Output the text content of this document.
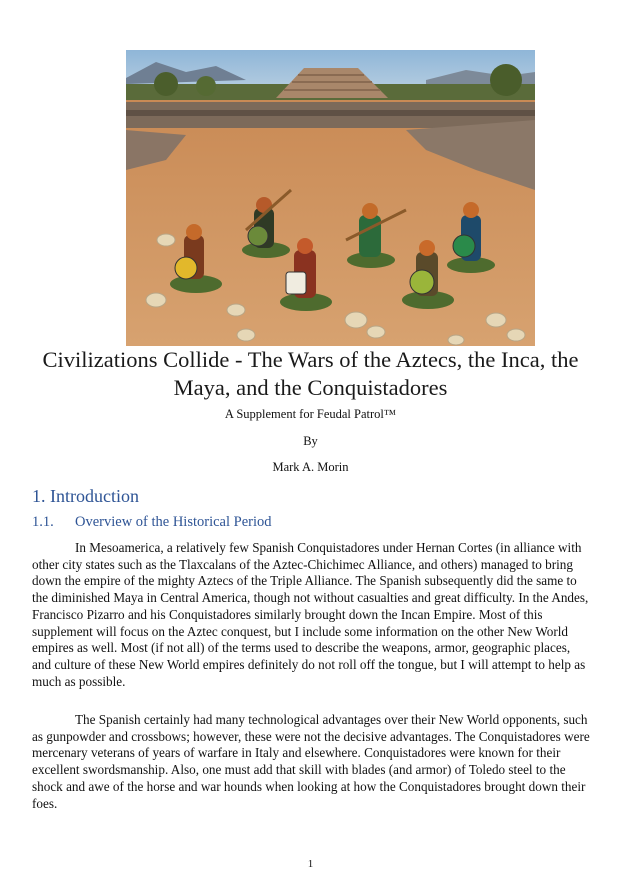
Civilizations Collide - The Wars of the Aztecs, the Inca, the Maya, and the Conquistadores
A Supplement for Feudal Patrol™
By
Mark A. Morin
1. Introduction
1.1. Overview of the Historical Period

In Mesoamerica, a relatively few Spanish Conquistadores under Hernan Cortes (in alliance with other city states such as the Tlaxcalans of the Aztec-Chichimec Alliance, and others) managed to bring down the empire of the mighty Aztecs of the Triple Alliance. The Spanish subsequently did the same to the diminished Maya in Central America, though not without casualties and great difficulty. In the Andes, Francisco Pizarro and his Conquistadores similarly brought down the Incan Empire. Most of this supplement will focus on the Aztec conquest, but I include some information on the other New World empires as well. Most (if not all) of the terms used to describe the weapons, armor, geographic places, and culture of these New World empires definitely do not roll off the tongue, but I will attempt to help as much as possible.

The Spanish certainly had many technological advantages over their New World opponents, such as gunpowder and crossbows; however, these were not the decisive advantages. The Conquistadores were mercenary veterans of years of warfare in Italy and elsewhere. Conquistadores were known for their excellent swordsmanship. Also, one must add that skill with blades (and armor) of Toledo steel to the shock and awe of the horse and war hounds when looking at how the Conquistadores brought down their foes.

1
